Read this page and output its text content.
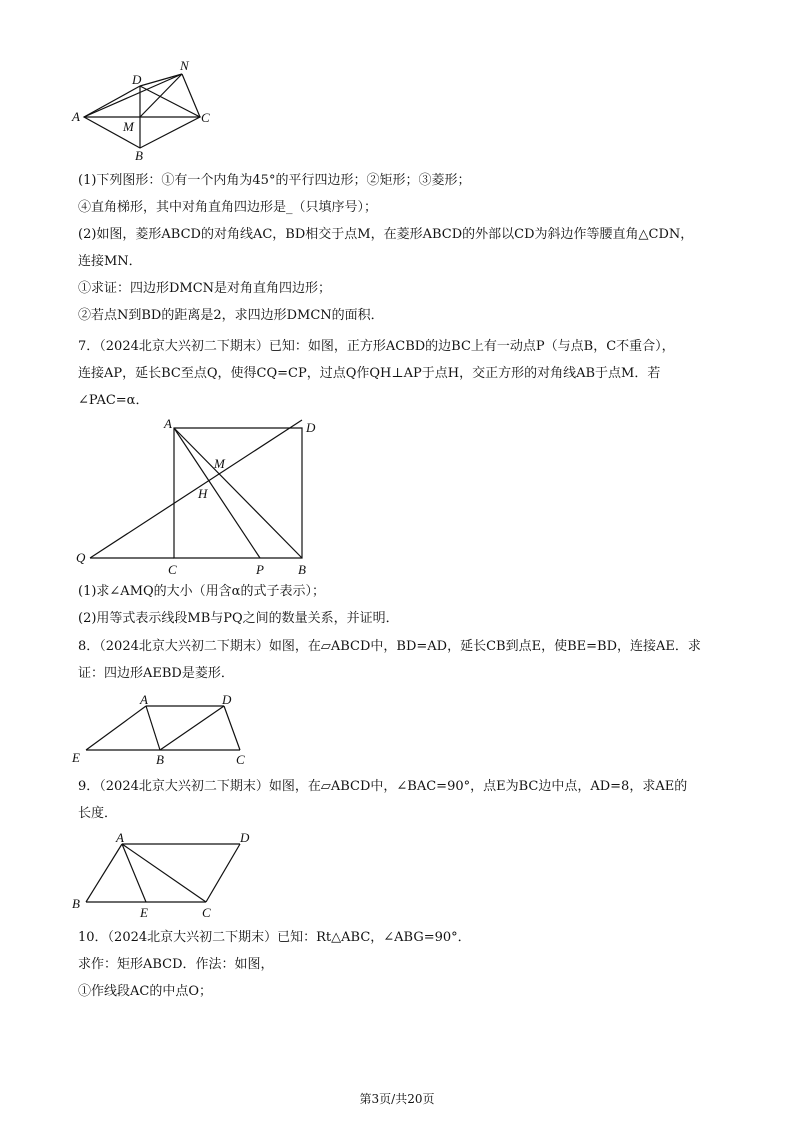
D
N
A
M
C
B
(1)下列图形：①有一个内角为45°的平行四边形；②矩形；③菱形；
④直角梯形，其中对角直角四边形是_（只填序号）；
(2)如图，菱形ABCD的对角线AC，BD相交于点M，在菱形ABCD的外部以CD为斜边作等腰直角△CDN，
连接MN．
①求证：四边形DMCN是对角直角四边形；
②若点N到BD的距离是2，求四边形DMCN的面积．
7．（2024北京大兴初二下期末）已知：如图，正方形ACBD的边BC上有一动点P（与点B，C不重合），
连接AP，延长BC至点Q，使得CQ=CP，过点Q作QH⊥AP于点H，交正方形的对角线AB于点M．若
∠PAC=α．
A	D
M
H
Q
C	P	B
(1)求∠AMQ的大小（用含α的式子表示）；
(2)用等式表示线段MB与PQ之间的数量关系，并证明．
8．（2024北京大兴初二下期末）如图，在▱ABCD中，BD=AD，延长CB到点E，使BE=BD，连接AE．求
证：四边形AEBD是菱形．
A	D
E	B	C
9．（2024北京大兴初二下期末）如图，在▱ABCD中，∠BAC=90°，点E为BC边中点，AD=8，求AE的
长度．
A	D
B
E	C
10．（2024北京大兴初二下期末）已知：Rt△ABC，∠ABG=90°．
求作：矩形ABCD．作法：如图，
①作线段AC的中点O；
第3页/共20页
